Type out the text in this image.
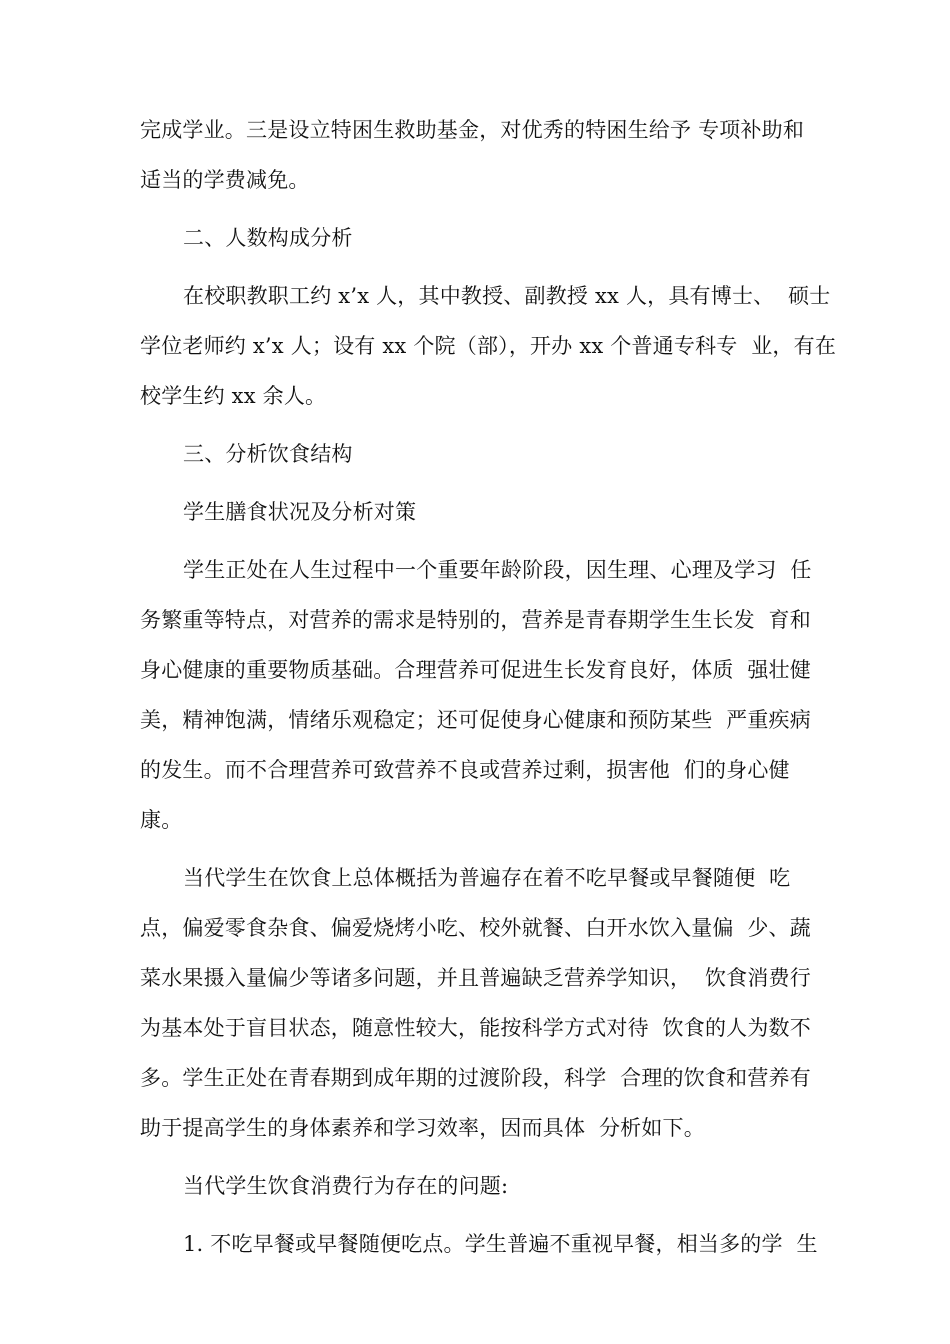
完成学业。三是设立特困生救助基金，对优秀的特困生给予 专项补助和
适当的学费减免。
二、人数构成分析
在校职教职工约 x’x 人，其中教授、副教授 xx 人，具有博士、  硕士
学位老师约 x’x 人；设有 xx 个院（部），开办 xx 个普通专科专  业，有在
校学生约 xx 余人。
三、分析饮食结构
学生膳食状况及分析对策
学生正处在人生过程中一个重要年龄阶段，因生理、心理及学习  任
务繁重等特点，对营养的需求是特别的，营养是青春期学生生长发  育和
身心健康的重要物质基础。合理营养可促进生长发育良好，体质  强壮健
美，精神饱满，情绪乐观稳定；还可促使身心健康和预防某些  严重疾病
的发生。而不合理营养可致营养不良或营养过剩，损害他  们的身心健
康。
当代学生在饮食上总体概括为普遍存在着不吃早餐或早餐随便  吃
点，偏爱零食杂食、偏爱烧烤小吃、校外就餐、白开水饮入量偏  少、蔬
菜水果摄入量偏少等诸多问题，并且普遍缺乏营养学知识，  饮食消费行
为基本处于盲目状态，随意性较大，能按科学方式对待  饮食的人为数不
多。学生正处在青春期到成年期的过渡阶段，科学  合理的饮食和营养有
助于提高学生的身体素养和学习效率，因而具体  分析如下。
当代学生饮食消费行为存在的问题:
1. 不吃早餐或早餐随便吃点。学生普遍不重视早餐，相当多的学  生
